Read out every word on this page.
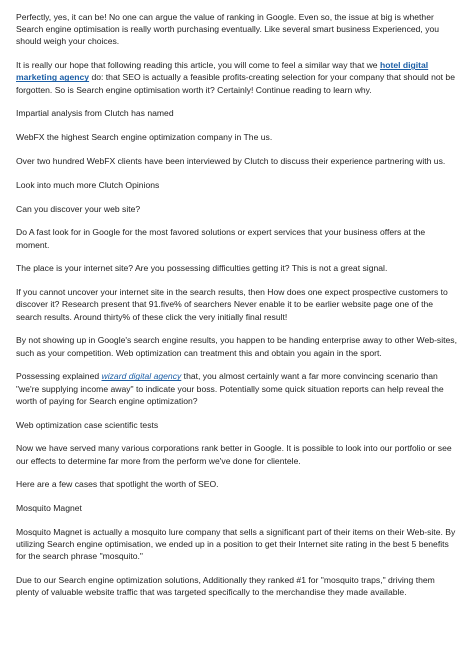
Perfectly, yes, it can be! No one can argue the value of ranking in Google. Even so, the issue at big is whether Search engine optimisation is really worth purchasing eventually. Like several smart business Experienced, you should weigh your choices.

It is really our hope that following reading this article, you will come to feel a similar way that we hotel digital marketing agency do: that SEO is actually a feasible profits-creating selection for your company that should not be forgotten. So is Search engine optimisation worth it? Certainly! Continue reading to learn why.

Impartial analysis from Clutch has named

WebFX the highest Search engine optimization company in The us.

Over two hundred WebFX clients have been interviewed by Clutch to discuss their experience partnering with us.

Look into much more Clutch Opinions

Can you discover your web site?

Do A fast look for in Google for the most favored solutions or expert services that your business offers at the moment.

The place is your internet site? Are you possessing difficulties getting it? This is not a great signal.

If you cannot uncover your internet site in the search results, then How does one expect prospective customers to discover it? Research present that 91.five% of searchers Never enable it to be earlier website page one of the search results. Around thirty% of these click the very initially final result!

By not showing up in Google's search engine results, you happen to be handing enterprise away to other Web-sites, such as your competition. Web optimization can treatment this and obtain you again in the sport.

Possessing explained wizard digital agency that, you almost certainly want a far more convincing scenario than "we're supplying income away" to indicate your boss. Potentially some quick situation reports can help reveal the worth of paying for Search engine optimization?

Web optimization case scientific tests

Now we have served many various corporations rank better in Google. It is possible to look into our portfolio or see our effects to determine far more from the perform we've done for clientele.

Here are a few cases that spotlight the worth of SEO.

Mosquito Magnet

Mosquito Magnet is actually a mosquito lure company that sells a significant part of their items on their Web-site. By utilizing Search engine optimisation, we ended up in a position to get their Internet site rating in the best 5 benefits for the search phrase "mosquito."

Due to our Search engine optimization solutions, Additionally they ranked #1 for "mosquito traps," driving them plenty of valuable website traffic that was targeted specifically to the merchandise they made available.
